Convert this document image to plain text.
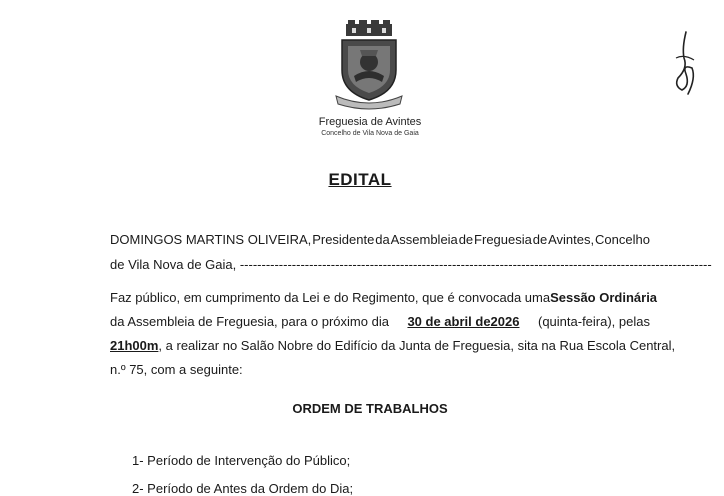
Freguesia de Avintes
Concelho de Vila Nova de Gaia
EDITAL
DOMINGOS MARTINS OLIVEIRA, Presidente da Assembleia de Freguesia de Avintes, Concelho
de Vila Nova de Gaia, -------------------------------------------------------------------------------------------------------------
Faz público, em cumprimento da Lei e do Regimento, que é convocada uma Sessão Ordinária
da Assembleia de Freguesia, para o próximo dia 30 de abril de2026 (quinta-feira), pelas
21h00m, a realizar no Salão Nobre do Edifício da Junta de Freguesia, sita na Rua Escola Central,
n.º 75, com a seguinte:
ORDEM DE TRABALHOS
1- Período de Intervenção do Público;
2- Período de Antes da Ordem do Dia;
